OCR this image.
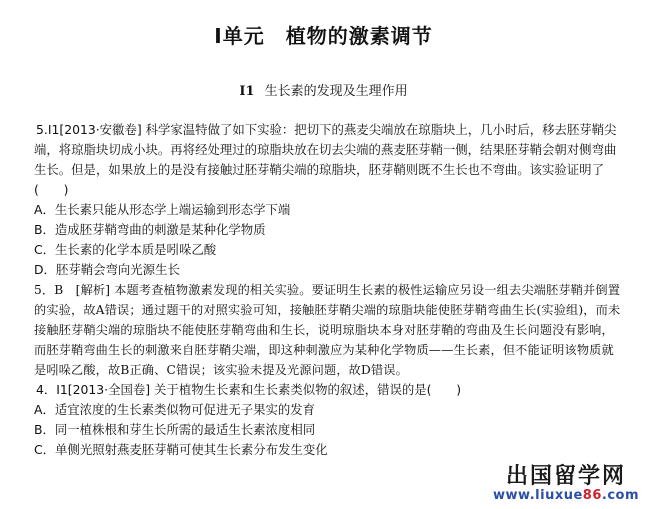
I单元　植物的激素调节
I1 生长素的发现及生理作用

5.I1[2013·安徽卷] 科学家温特做了如下实验：把切下的燕麦尖端放在琼脂块上，几小时后，移去胚芽鞘尖端，将琼脂块切成小块。再将经处理过的琼脂块放在切去尖端的燕麦胚芽鞘一侧，结果胚芽鞘会朝对侧弯曲生长。但是，如果放上的是没有接触过胚芽鞘尖端的琼脂块，胚芽鞘则既不生长也不弯曲。该实验证明了(　　)

A．生长素只能从形态学上端运输到形态学下端

B．造成胚芽鞘弯曲的刺激是某种化学物质

C．生长素的化学本质是吲哚乙酸

D．胚芽鞘会弯向光源生长

5．B　[解析] 本题考查植物激素发现的相关实验。要证明生长素的极性运输应另设一组去尖端胚芽鞘并倒置的实验，故A错误；通过题干的对照实验可知，接触胚芽鞘尖端的琼脂块能使胚芽鞘弯曲生长(实验组)，而未接触胚芽鞘尖端的琼脂块不能使胚芽鞘弯曲和生长，说明琼脂块本身对胚芽鞘的弯曲及生长问题没有影响，而胚芽鞘弯曲生长的刺激来自胚芽鞘尖端，即这种刺激应为某种化学物质——生长素，但不能证明该物质就是吲哚乙酸，故B正确、C错误；该实验未提及光源问题，故D错误。

4．I1[2013·全国卷] 关于植物生长素和生长素类似物的叙述，错误的是(　　)

A．适宜浓度的生长素类似物可促进无子果实的发育

B．同一植株根和芽生长所需的最适生长素浓度相同

C．单侧光照射燕麦胚芽鞘可使其生长素分布发生变化

出国留学网
www.liuxue86.com
